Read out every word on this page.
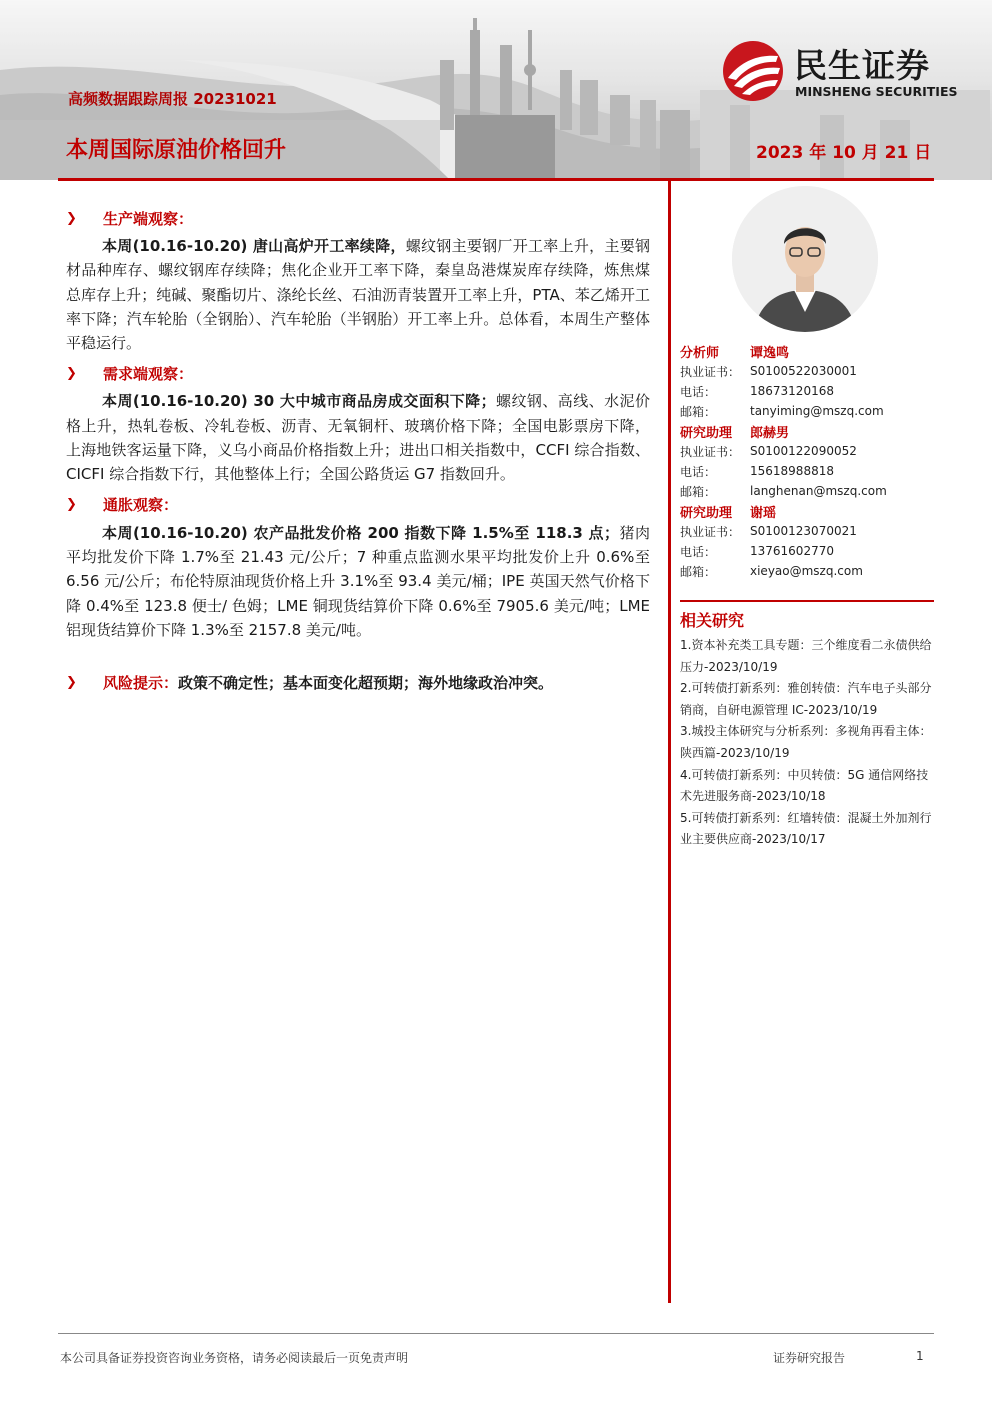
高频数据跟踪周报 20231021
本周国际原油价格回升	2023 年 10 月 21 日
民生证券
MINSHENG SECURITIES
❯	生产端观察：

本周(10.16-10.20) 唐山高炉开工率续降，螺纹钢主要钢厂开工率上升，主要钢材品种库存、螺纹钢库存续降；焦化企业开工率下降，秦皇岛港煤炭库存续降，炼焦煤总库存上升；纯碱、聚酯切片、涤纶长丝、石油沥青装置开工率上升，PTA、苯乙烯开工率下降；汽车轮胎（全钢胎）、汽车轮胎（半钢胎）开工率上升。总体看，本周生产整体平稳运行。

❯	需求端观察：

本周(10.16-10.20) 30 大中城市商品房成交面积下降；螺纹钢、高线、水泥价格上升，热轧卷板、冷轧卷板、沥青、无氧铜杆、玻璃价格下降；全国电影票房下降，上海地铁客运量下降，义乌小商品价格指数上升；进出口相关指数中，CCFI 综合指数、CICFI 综合指数下行，其他整体上行；全国公路货运 G7 指数回升。

❯	通胀观察：

本周(10.16-10.20) 农产品批发价格 200 指数下降 1.5%至 118.3 点；猪肉平均批发价下降 1.7%至 21.43 元/公斤；7 种重点监测水果平均批发价上升 0.6%至 6.56 元/公斤；布伦特原油现货价格上升 3.1%至 93.4 美元/桶；IPE 英国天然气价格下降 0.4%至 123.8 便士/ 色姆；LME 铜现货结算价下降 0.6%至 7905.6 美元/吨；LME 铝现货结算价下降 1.3%至 2157.8 美元/吨。

❯	风险提示： 政策不确定性；基本面变化超预期；海外地缘政治冲突。
分析师	谭逸鸣
执业证书： S0100522030001
电话：	18673120168
邮箱：	tanyiming@mszq.com
研究助理	郎赫男
执业证书： S0100122090052
电话：	15618988818
邮箱：	langhenan@mszq.com
研究助理	谢瑶
执业证书： S0100123070021
电话：	13761602770
邮箱：	xieyao@mszq.com
相关研究
1.资本补充类工具专题：三个维度看二永债供给压力-2023/10/19
2.可转债打新系列：雅创转债：汽车电子头部分销商，自研电源管理 IC-2023/10/19
3.城投主体研究与分析系列：多视角再看主体：陕西篇-2023/10/19
4.可转债打新系列：中贝转债：5G 通信网络技术先进服务商-2023/10/18
5.可转债打新系列：红墙转债：混凝土外加剂行业主要供应商-2023/10/17
本公司具备证券投资咨询业务资格，请务必阅读最后一页免责声明	证券研究报告	1
